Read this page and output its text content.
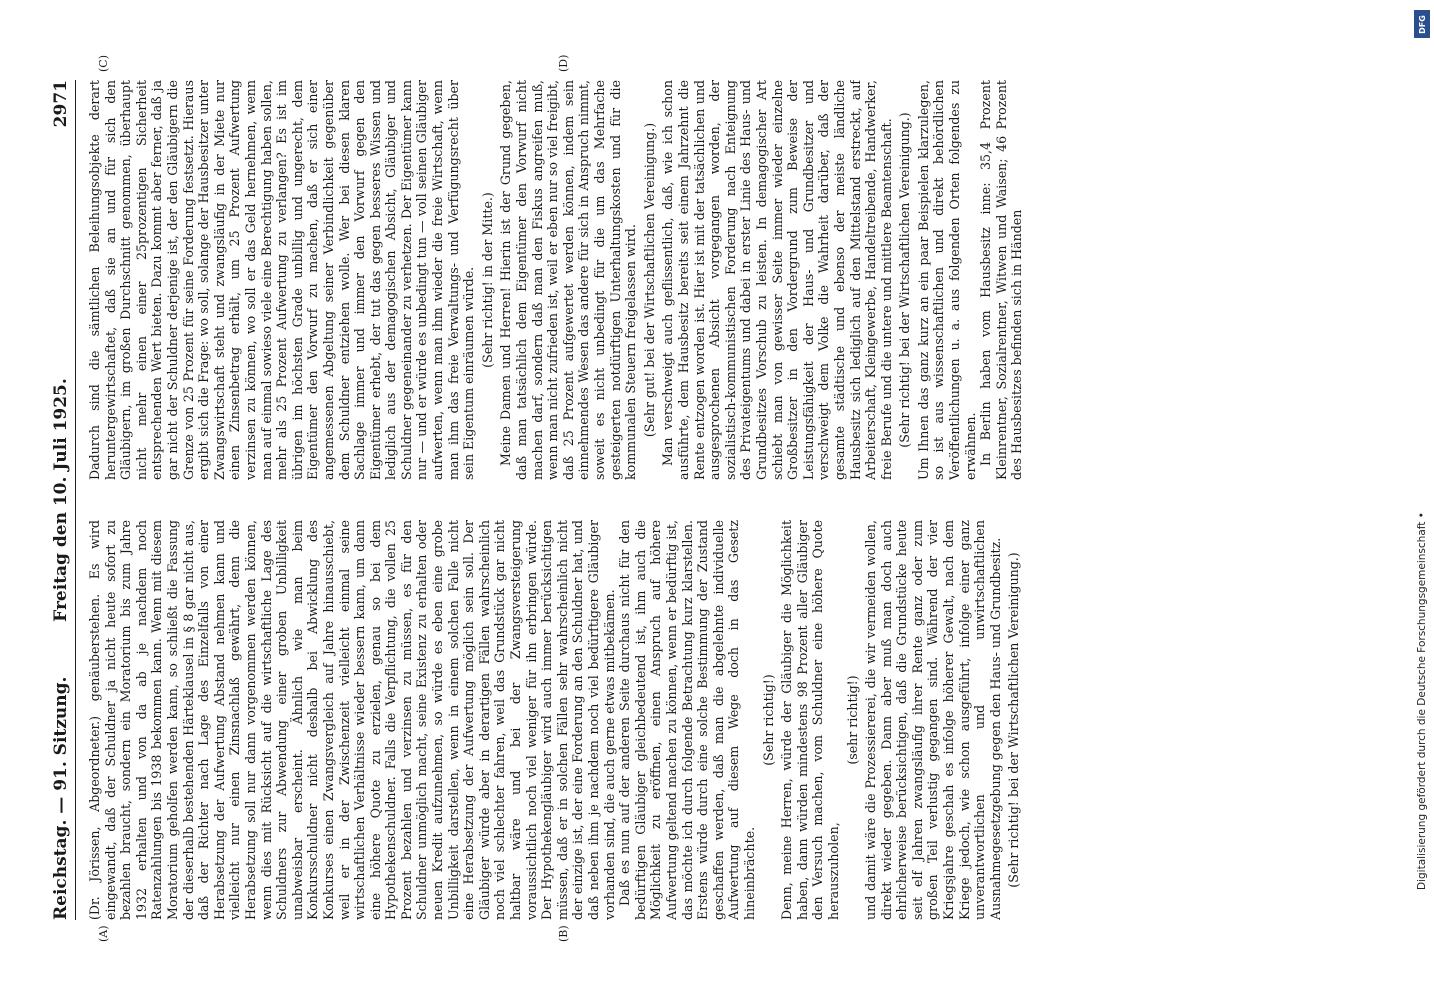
Reichstag. — 91. Sitzung.
Freitag den 10. Juli 1925.
2971
(A)	(B)
(C)	(D)

(Dr. Jörissen, Abgeordneter.) genäuberstehen. Es wird eingewandt, daß der Schuldner ja nicht heute sofort zu bezahlen braucht, sondern ein Moratorium bis zum Jahre 1932 erhalten und von da ab je nachdem noch Ratenzahlungen bis 1938 bekommen kann. Wenn mit diesem Moratorium geholfen werden kann, so schließt die Fassung der dieserhalb bestehenden Härteklausel in § 8 gar nicht aus, daß der Richter nach Lage des Einzelfalls von einer Herabsetzung der Aufwertung Abstand nehmen kann und vielleicht nur einen Zinsnachlaß gewährt, denn die Herabsetzung soll nur dann vorgenommen werden können, wenn dies mit Rücksicht auf die wirtschaftliche Lage des Schuldners zur Abwendung einer groben Unbilligkeit unabweisbar erscheint. Ähnlich wie man beim Konkursschuldner nicht deshalb bei Abwicklung des Konkurses einen Zwangsvergleich auf Jahre hinausschiebt, weil er in der Zwischenzeit vielleicht einmal seine wirtschaftlichen Verhältnisse wieder bessern kann, um dann eine höhere Quote zu erzielen, genau so bei dem Hypothekenschuldner. Falls die Verpflichtung, die vollen 25 Prozent bezahlen und verzinsen zu müssen, es für den Schuldner unmöglich macht, seine Existenz zu erhalten oder neuen Kredit aufzunehmen, so würde es eben eine grobe Unbilligkeit darstellen, wenn in einem solchen Falle nicht eine Herabsetzung der Aufwertung möglich sein soll. Der Gläubiger würde aber in derartigen Fällen wahrscheinlich noch viel schlechter fahren, weil das Grundstück gar nicht haltbar wäre und bei der Zwangsversteigerung voraussichtlich noch viel weniger für ihn erbringen würde. Der Hypothekengläubiger wird auch immer berücksichtigen müssen, daß er in solchen Fällen sehr wahrscheinlich nicht der einzige ist, der eine Forderung an den Schuldner hat, und daß neben ihm je nachdem noch viel bedürftigere Gläubiger vorhanden sind, die auch gerne etwas mitbekämen. Daß es nun auf der anderen Seite durchaus nicht für den bedürftigen Gläubiger gleichbedeutend ist, ihm auch die Möglichkeit zu eröffnen, einen Anspruch auf höhere Aufwertung geltend machen zu können, wenn er bedürftig ist, das möchte ich durch folgende Betrachtung kurz klarstellen. Erstens würde durch eine solche Bestimmung der Zustand geschaffen werden, daß man die abgelehnte individuelle Aufwertung auf diesem Wege doch in das Gesetz hineinbrächte.

(Sehr richtig!) Denn, meine Herren, würde der Gläubiger die Möglichkeit haben, dann würden mindestens 98 Prozent aller Gläubiger den Versuch machen, vom Schuldner eine höhere Quote herauszuholen,

(sehr richtig!) und damit wäre die Prozessiererei, die wir vermeiden wollen, direkt wieder gegeben. Dann aber muß man doch auch ehrlicherweise berücksichtigen, daß die Grundstücke heute seit elf Jahren zwangsläufig ihrer Rente ganz oder zum großen Teil verlustig gegangen sind. Während der vier Kriegsjahre geschah es infolge höherer Gewalt, nach dem Kriege jedoch, wie schon ausgeführt, infolge einer ganz unverantwortlichen und unwirtschaftlichen Ausnahmegesetzgebung gegen den Haus- und Grundbesitz. (Sehr richtig! bei der Wirtschaftlichen Vereinigung.)

Dadurch sind die sämtlichen Beleihungsobjekte derart heruntergewirtschaftet, daß sie an und für sich den Gläubigern, im großen Durchschnitt genommen, überhaupt nicht mehr einen einer 25prozentigen Sicherheit entsprechenden Wert bieten. Dazu kommt aber ferner, daß ja gar nicht der Schuldner derjenige ist, der den Gläubigern die Grenze von 25 Prozent für seine Forderung festsetzt. Hieraus ergibt sich die Frage: wo soll, solange der Hausbesitzer unter Zwangswirtschaft steht und zwangsläufig in der Miete nur einen Zinsenbetrag erhält, um 25 Prozent Aufwertung verzinsen zu können, wo soll er das Geld hernehmen, wenn man auf einmal sowieso viele eine Berechtigung haben sollen, mehr als 25 Prozent Aufwertung zu verlangen? Es ist im übrigen im höchsten Grade unbillig und ungerecht, dem Eigentümer den Vorwurf zu machen, daß er sich einer angemessenen Abgeltung seiner Verbindlichkeit gegenüber dem Schuldner entziehen wolle. Wer bei diesen klaren Sachlage immer und immer den Vorwurf gegen den Eigentümer erhebt, der tut das gegen besseres Wissen und lediglich aus der demagogischen Absicht, Gläubiger und Schuldner gegeneinander zu verhetzen. Der Eigentümer kann nur — und er würde es unbedingt tun — voll seinen Gläubiger aufwerten, wenn man ihm wieder die freie Wirtschaft, wenn man ihm das freie Verwaltungs- und Verfügungsrecht über sein Eigentum einräumen würde. (Sehr richtig! in der Mitte.) Meine Damen und Herren! Hierin ist der Grund gegeben, daß man tatsächlich dem Eigentümer den Vorwurf nicht machen darf, sondern daß man den Fiskus angreifen muß, wenn man nicht zufrieden ist, weil er eben nur so viel freigibt, daß 25 Prozent aufgewertet werden können, indem sein einnehmendes Wesen das andere für sich in Anspruch nimmt, soweit es nicht unbedingt für die um das Mehrfache gesteigerten notdürftigen Unterhaltungskosten und für die kommunalen Steuern freigelassen wird. (Sehr gut! bei der Wirtschaftlichen Vereinigung.) Man verschweigt auch geflissentlich, daß, wie ich schon ausführte, dem Hausbesitz bereits seit einem Jahrzehnt die Rente entzogen worden ist. Hier ist mit der tatsächlichen und ausgesprochenen Absicht vorgegangen worden, der sozialistisch-kommunistischen Forderung nach Enteignung des Privateigentums und dabei in erster Linie des Haus- und Grundbesitzes Vorschub zu leisten. In demagogischer Art schiebt man von gewisser Seite immer wieder einzelne Großbesitzer in den Vordergrund zum Beweise der Leistungsfähigkeit der Haus- und Grundbesitzer und verschweigt dem Volke die Wahrheit darüber, daß der gesamte städtische und ebenso der meiste ländliche Hausbesitz sich lediglich auf den Mittelstand erstreckt, auf Arbeiterschaft, Kleingewerbe, Handeltreibende, Handwerker, freie Berufe und die untere und mittlere Beamtenschaft. (Sehr richtig! bei der Wirtschaftlichen Vereinigung.) Um Ihnen das ganz kurz an ein paar Beispielen klarzulegen, so ist aus wissenschaftlichen und direkt behördlichen Veröffentlichungen u. a. aus folgenden Orten folgendes zu erwähnen. In Berlin haben vom Hausbesitz inne: 35,4 Prozent Kleinrentner, Sozialrentner, Witwen und Waisen; 46 Prozent des Hausbesitzes befinden sich in Händen

Digitalisierung gefördert durch die Deutsche Forschungsgemeinschaft •
DFG
